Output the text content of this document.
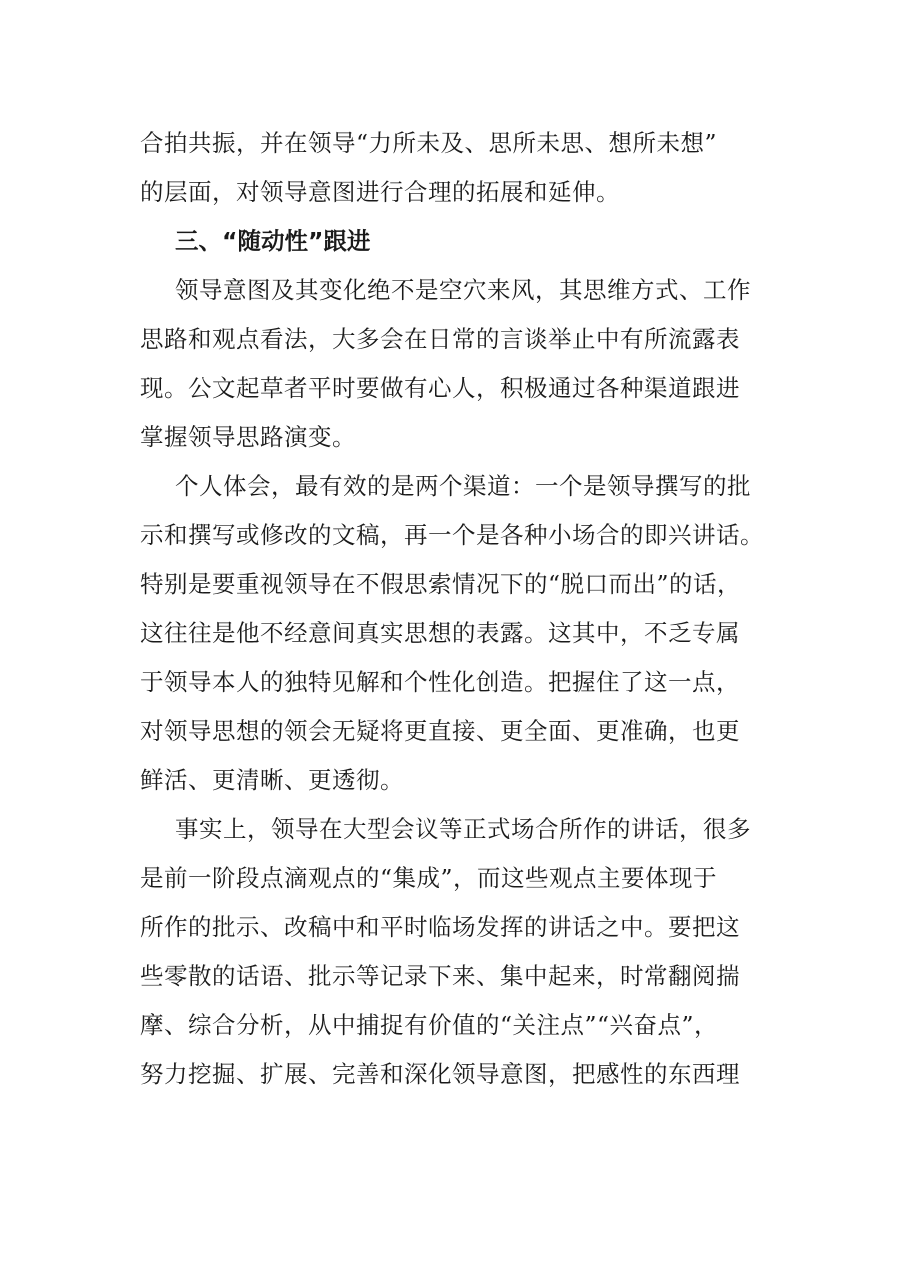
合拍共振，并在领导“力所未及、思所未思、想所未想”
的层面，对领导意图进行合理的拓展和延伸。
三、“随动性”跟进
领导意图及其变化绝不是空穴来风，其思维方式、工作
思路和观点看法，大多会在日常的言谈举止中有所流露表
现。公文起草者平时要做有心人，积极通过各种渠道跟进
掌握领导思路演变。
个人体会，最有效的是两个渠道：一个是领导撰写的批
示和撰写或修改的文稿，再一个是各种小场合的即兴讲话。
特别是要重视领导在不假思索情况下的“脱口而出”的话，
这往往是他不经意间真实思想的表露。这其中，不乏专属
于领导本人的独特见解和个性化创造。把握住了这一点，
对领导思想的领会无疑将更直接、更全面、更准确，也更
鲜活、更清晰、更透彻。
事实上，领导在大型会议等正式场合所作的讲话，很多
是前一阶段点滴观点的“集成”，而这些观点主要体现于
所作的批示、改稿中和平时临场发挥的讲话之中。要把这
些零散的话语、批示等记录下来、集中起来，时常翻阅揣
摩、综合分析，从中捕捉有价值的“关注点”“兴奋点”，
努力挖掘、扩展、完善和深化领导意图，把感性的东西理
